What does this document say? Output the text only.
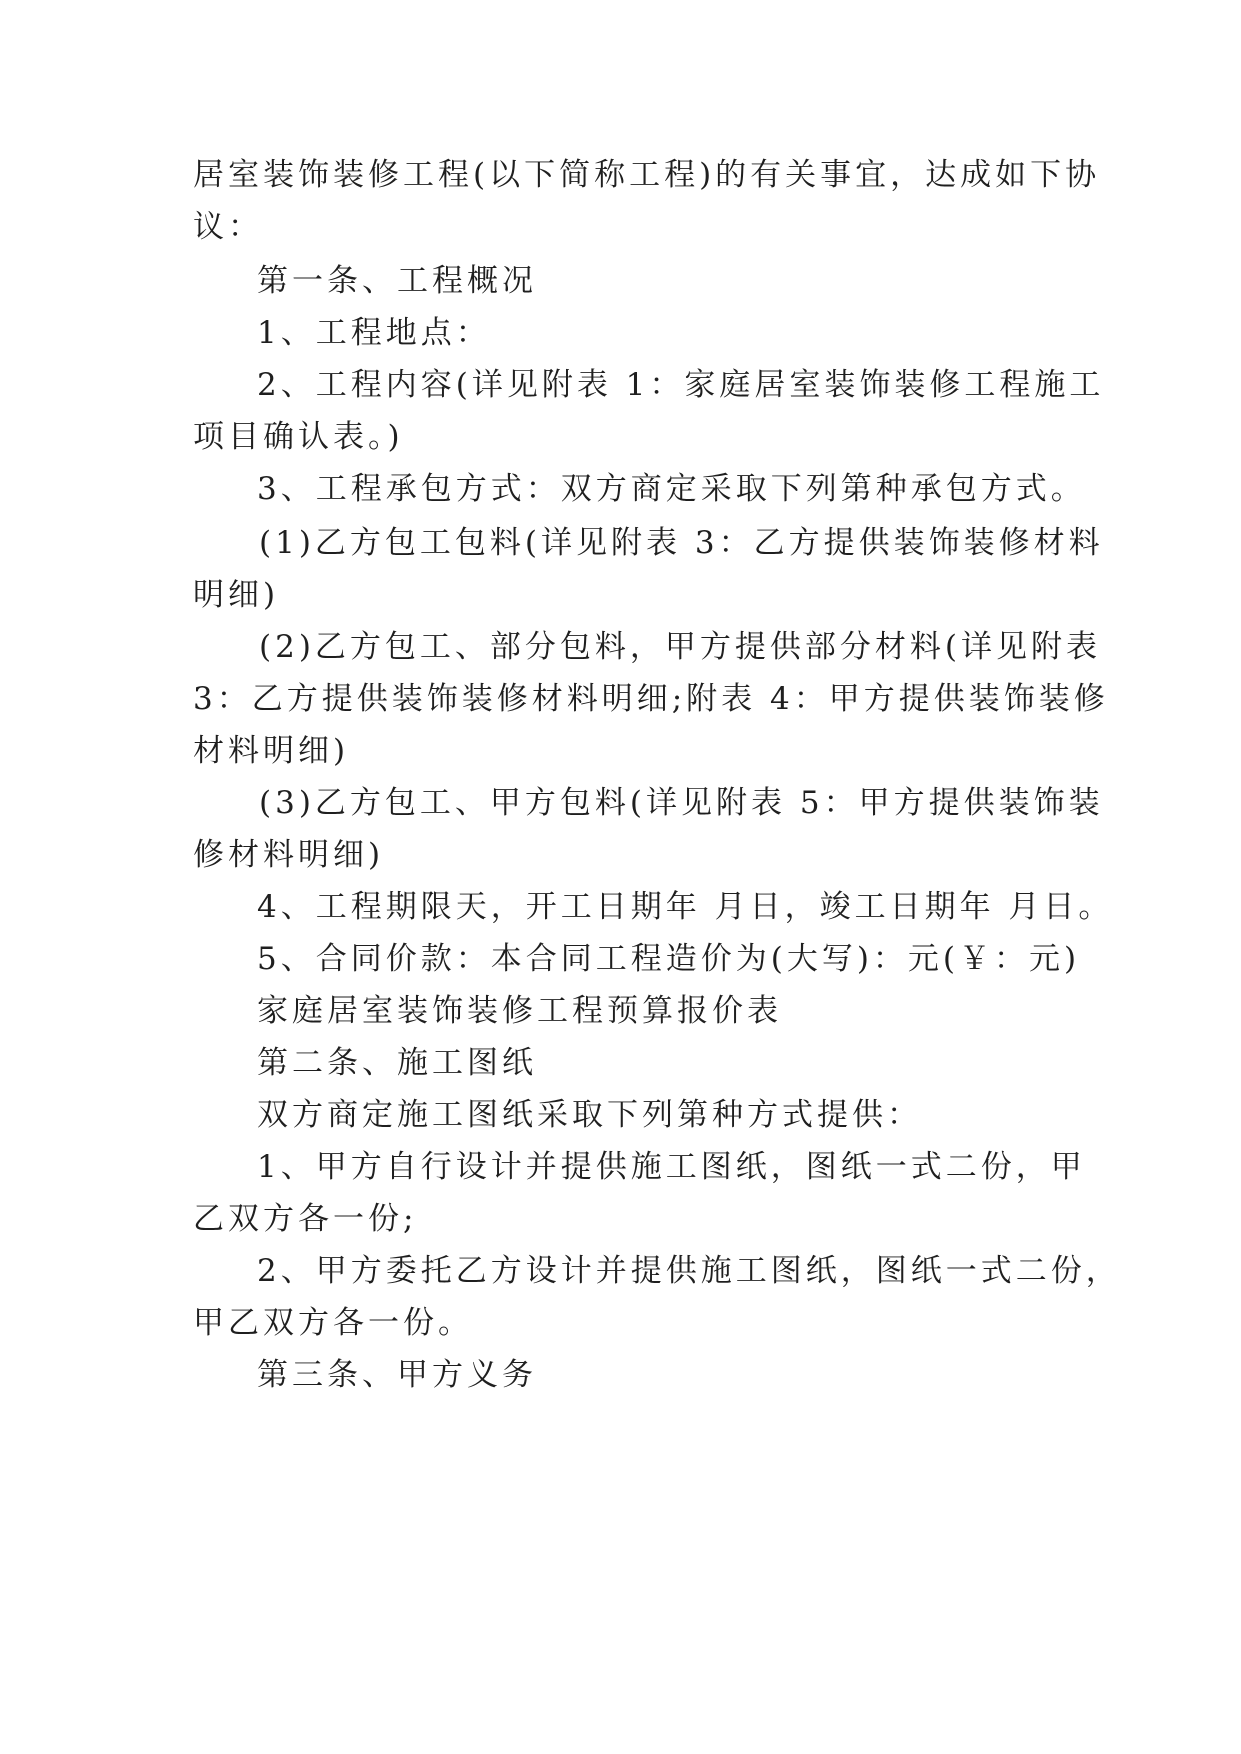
居室装饰装修工程(以下简称工程)的有关事宜，达成如下协
议：
第一条、工程概况
1、工程地点：
2、工程内容(详见附表 1：家庭居室装饰装修工程施工
项目确认表。)
3、工程承包方式：双方商定采取下列第种承包方式。
(1)乙方包工包料(详见附表 3：乙方提供装饰装修材料
明细)
(2)乙方包工、部分包料，甲方提供部分材料(详见附表
3：乙方提供装饰装修材料明细;附表 4：甲方提供装饰装修
材料明细)
(3)乙方包工、甲方包料(详见附表 5：甲方提供装饰装
修材料明细)
4、工程期限天，开工日期年 月日，竣工日期年 月日。
5、合同价款：本合同工程造价为(大写)：元(￥：元)
家庭居室装饰装修工程预算报价表
第二条、施工图纸
双方商定施工图纸采取下列第种方式提供：
1、甲方自行设计并提供施工图纸，图纸一式二份，甲
乙双方各一份;
2、甲方委托乙方设计并提供施工图纸，图纸一式二份，
甲乙双方各一份。
第三条、甲方义务
